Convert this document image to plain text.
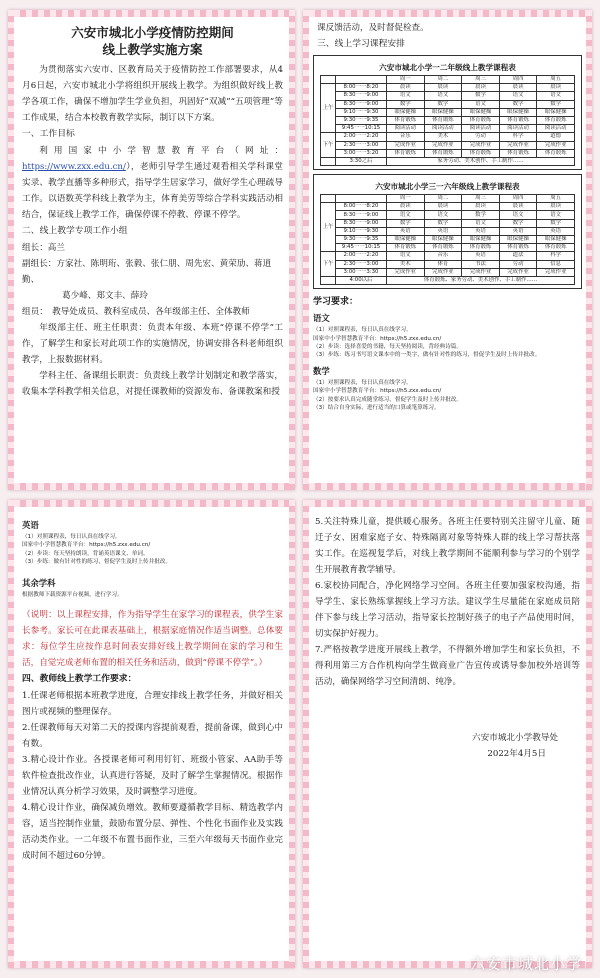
六安市城北小学疫情防控期间

线上教学实施方案

为贯彻落实六安市、区教育局关于疫情防控工作部署要求，从4月6日起，六安市城北小学将组织开展线上教学。为组织做好线上教学各项工作，确保不增加学生学业负担，巩固好“双减”“五项管理”等工作成果，结合本校教育教学实际，制订以下方案。

一、工作目标

利用国家中小学智慧教育平台（网址：https://www.zxx.edu.cn/），老师引导学生通过观看相关学科课堂实录、教学直播等多种形式，指导学生居家学习，做好学生心理疏导工作。以语数英学科线上教学为主，体育美劳等综合学科实践活动相结合，保证线上教学工作，确保停课不停教、停课不停学。

二、线上教学专项工作小组

组长：高兰

副组长：方家社、陈明珩、张毅、张仁朋、周先宏、黄荣劢、蒋逍勤、

葛少峰、郑文丰、薛玲

组员：　教导处成员、教科室成员、各年级部主任、全体教师

年级部主任、班主任职责：负责本年级、本班“停课不停学”工作，了解学生和家长对此项工作的实施情况，协调安排各科老师组织教学，上报数据材料。

学科主任、备课组长职责：负责线上教学计划制定和教学落实，收集本学科教学相关信息，对提任课教师的资源发布、备课教案和授

课反馈活动，及时督促检查。

三、线上学习课程安排

六安市城北小学一二年级线上教学课程表

		周一	周二	周三	周四	周五
上午	8:00一一8:20	晨读	晨读	晨读	晨读	晨读
	8:30一一9:00	语文	语文	数学	语文	语文
	8:30一一9:00	数学	数学	语文	数学	数学
	9:10一一9:30	眼保健操	眼保健操	眼保健操	眼保健操	眼保健操
	9:30一一9:35	体育锻炼	体育锻炼	体育锻炼	体育锻炼	体育锻炼
	9:45一一10:15	阅读活动	阅读活动	阅读活动	阅读活动	阅读活动
下午	2:00一一2:20	音乐	美术	劳动	科学	道德
	2:30一一3:00	完成作业	完成作业	完成作业	完成作业	完成作业
	3:00一一3:20	体育锻炼	体育锻炼	体育锻炼	体育锻炼	体育锻炼
	3:30之后	家务劳动、美术创作、手工制作……				

六安市城北小学三一六年级线上教学课程表

		周一	周二	周三	周四	周五
上午	8:00一一8:20	晨读	晨读	晨读	晨读	晨读
	8:30一一9:00	语文	语文	数学	语文	语文
	8:30一一9:00	数学	数学	语文	数学	数学
	9:10一一9:30	英语	英语	英语	英语	英语
	9:30一一9:35	眼保健操	眼保健操	眼保健操	眼保健操	眼保健操
	9:45一一10:15	体育锻炼	体育锻炼	体育锻炼	体育锻炼	体育锻炼
下午	2:00一一2:20	语文	音乐	英语	道法	科学
	2:30一一3:00	美术	体育	书法	劳动	信息
	3:00一一3:30	完成作业	完成作业	完成作业	完成作业	完成作业
	4:00以后	体育锻炼、家务劳动、美术创作、手工制作……				

学习要求：

语文

（1）对照课程表，每日认真在线学习。

国家中小学智慧教育平台：https://h5.zxx.edu.cn/

（2）步读：选择喜爱的书籍，每天坚持阅读，背经典诗篇。

（3）步练：练习书写语文课本中的一类字，做有针对性的练习，督促学生及时上传并批改。

数学

（1）对照课程表，每日认真在线学习。

国家中小学智慧教育平台：https://h5.zxx.edu.cn/

（2）按要求认真完成随堂练习，督促学生及时上传并批改。

（3）结合自身实际，进行适当的口算或笔算练习。

英语

（1）对照课程表，每日认真在线学习。

国家中小学智慧教育平台：https://h5.zxx.edu.cn/

（2）步读：每天坚持朗读，背诵英语课文、单词。

（3）步练：做有针对性的练习，督促学生及时上传并批改。

其余学科

根据教师下载资源平台视频，进行学习。

（说明：以上课程安排，作为指导学生在家学习的课程表，供学生家长参考。家长可在此课表基础上，根据家庭情况作适当调整。总体要求：每位学生应按作息时间表安排好线上教学期间在家的学习和生活，自觉完成老师布置的相关任务和活动，做到“停课不停学”。）

四、教师线上教学工作要求：

1.任课老师根据本班教学进度，合理安排线上教学任务，并做好相关图片或视频的整理保存。

2.任课教师每天对第二天的授课内容提前观看，提前备课，做到心中有数。

3.精心设计作业。各授课老师可利用钉钉、班级小管家、AA助手等软件检查批改作业，认真进行答疑，及时了解学生掌握情况。根据作业情况认真分析学习效果，及时调整学习进度。

4.精心设计作业，确保减负增效。教师要遵循教学目标、精选教学内容，适当控制作业量，鼓励布置分层、弹性、个性化书面作业及实践活动类作业。一二年级不布置书面作业，三至六年级每天书面作业完成时间不超过60分钟。

5.关注特殊儿童，提供暖心服务。各班主任要特别关注留守儿童、随迁子女、困难家庭子女、特殊隔离对象等特殊人群的线上学习帮扶落实工作。在巡视复学后，对线上教学期间不能顺利参与学习的个别学生开展教育教学辅导。

6.家校协同配合，净化网络学习空间。各班主任要加强家校沟通，指导学生、家长熟练掌握线上学习方法。建议学生尽量能在家庭成员陪伴下参与线上学习活动，指导家长控制好孩子的电子产品使用时间，切实保护好视力。

7.严格按教学进度开展线上教学，不得额外增加学生和家长负担，不得利用第三方合作机构向学生做商业广告宣传或诱导参加校外培训等活动，确保网络学习空间清朗、纯净。

六安市城北小学教导处

2022年4月5日

六安市城北小学
